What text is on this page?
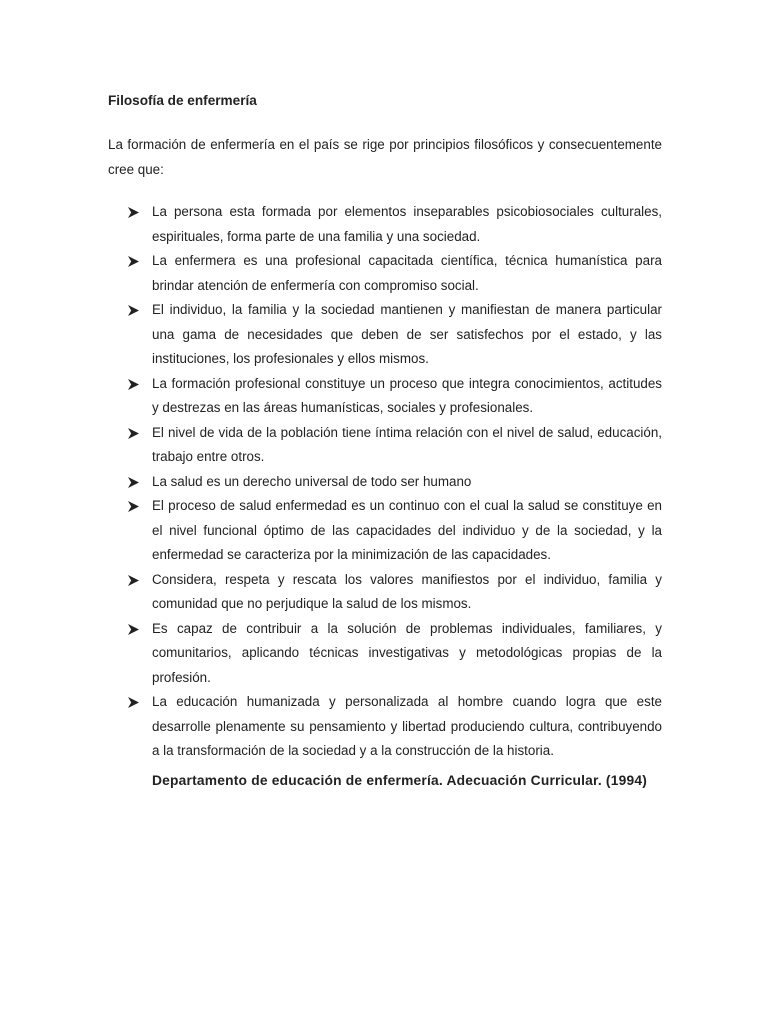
Filosofía de enfermería

La formación de enfermería en el país se rige por principios filosóficos y consecuentemente cree que:

La persona esta formada por elementos inseparables psicobiosociales culturales, espirituales, forma parte de una familia y una sociedad.
La enfermera es una profesional capacitada científica, técnica humanística para brindar atención de enfermería con compromiso social.
El individuo, la familia y la sociedad mantienen y manifiestan de manera particular una gama de necesidades que deben de ser satisfechos por el estado, y las instituciones, los profesionales y ellos mismos.
La formación profesional constituye un proceso que integra conocimientos, actitudes y destrezas en las áreas humanísticas, sociales y profesionales.
El nivel de vida de la población tiene íntima relación con el nivel de salud, educación, trabajo entre otros.
La salud es un derecho universal de todo ser humano
El proceso de salud enfermedad es un continuo con el cual la salud se constituye en el nivel funcional óptimo de las capacidades del individuo y de la sociedad, y la enfermedad se caracteriza por la minimización de las capacidades.
Considera, respeta y rescata los valores manifiestos por el individuo, familia y comunidad que no perjudique la salud de los mismos.
Es capaz de contribuir a la solución de problemas individuales, familiares, y comunitarios, aplicando técnicas investigativas y metodológicas propias de la profesión.
La educación humanizada y personalizada al hombre cuando logra que este desarrolle plenamente su pensamiento y libertad produciendo cultura, contribuyendo a la transformación de la sociedad y a la construcción de la historia.

Departamento de educación de enfermería. Adecuación Curricular. (1994)
